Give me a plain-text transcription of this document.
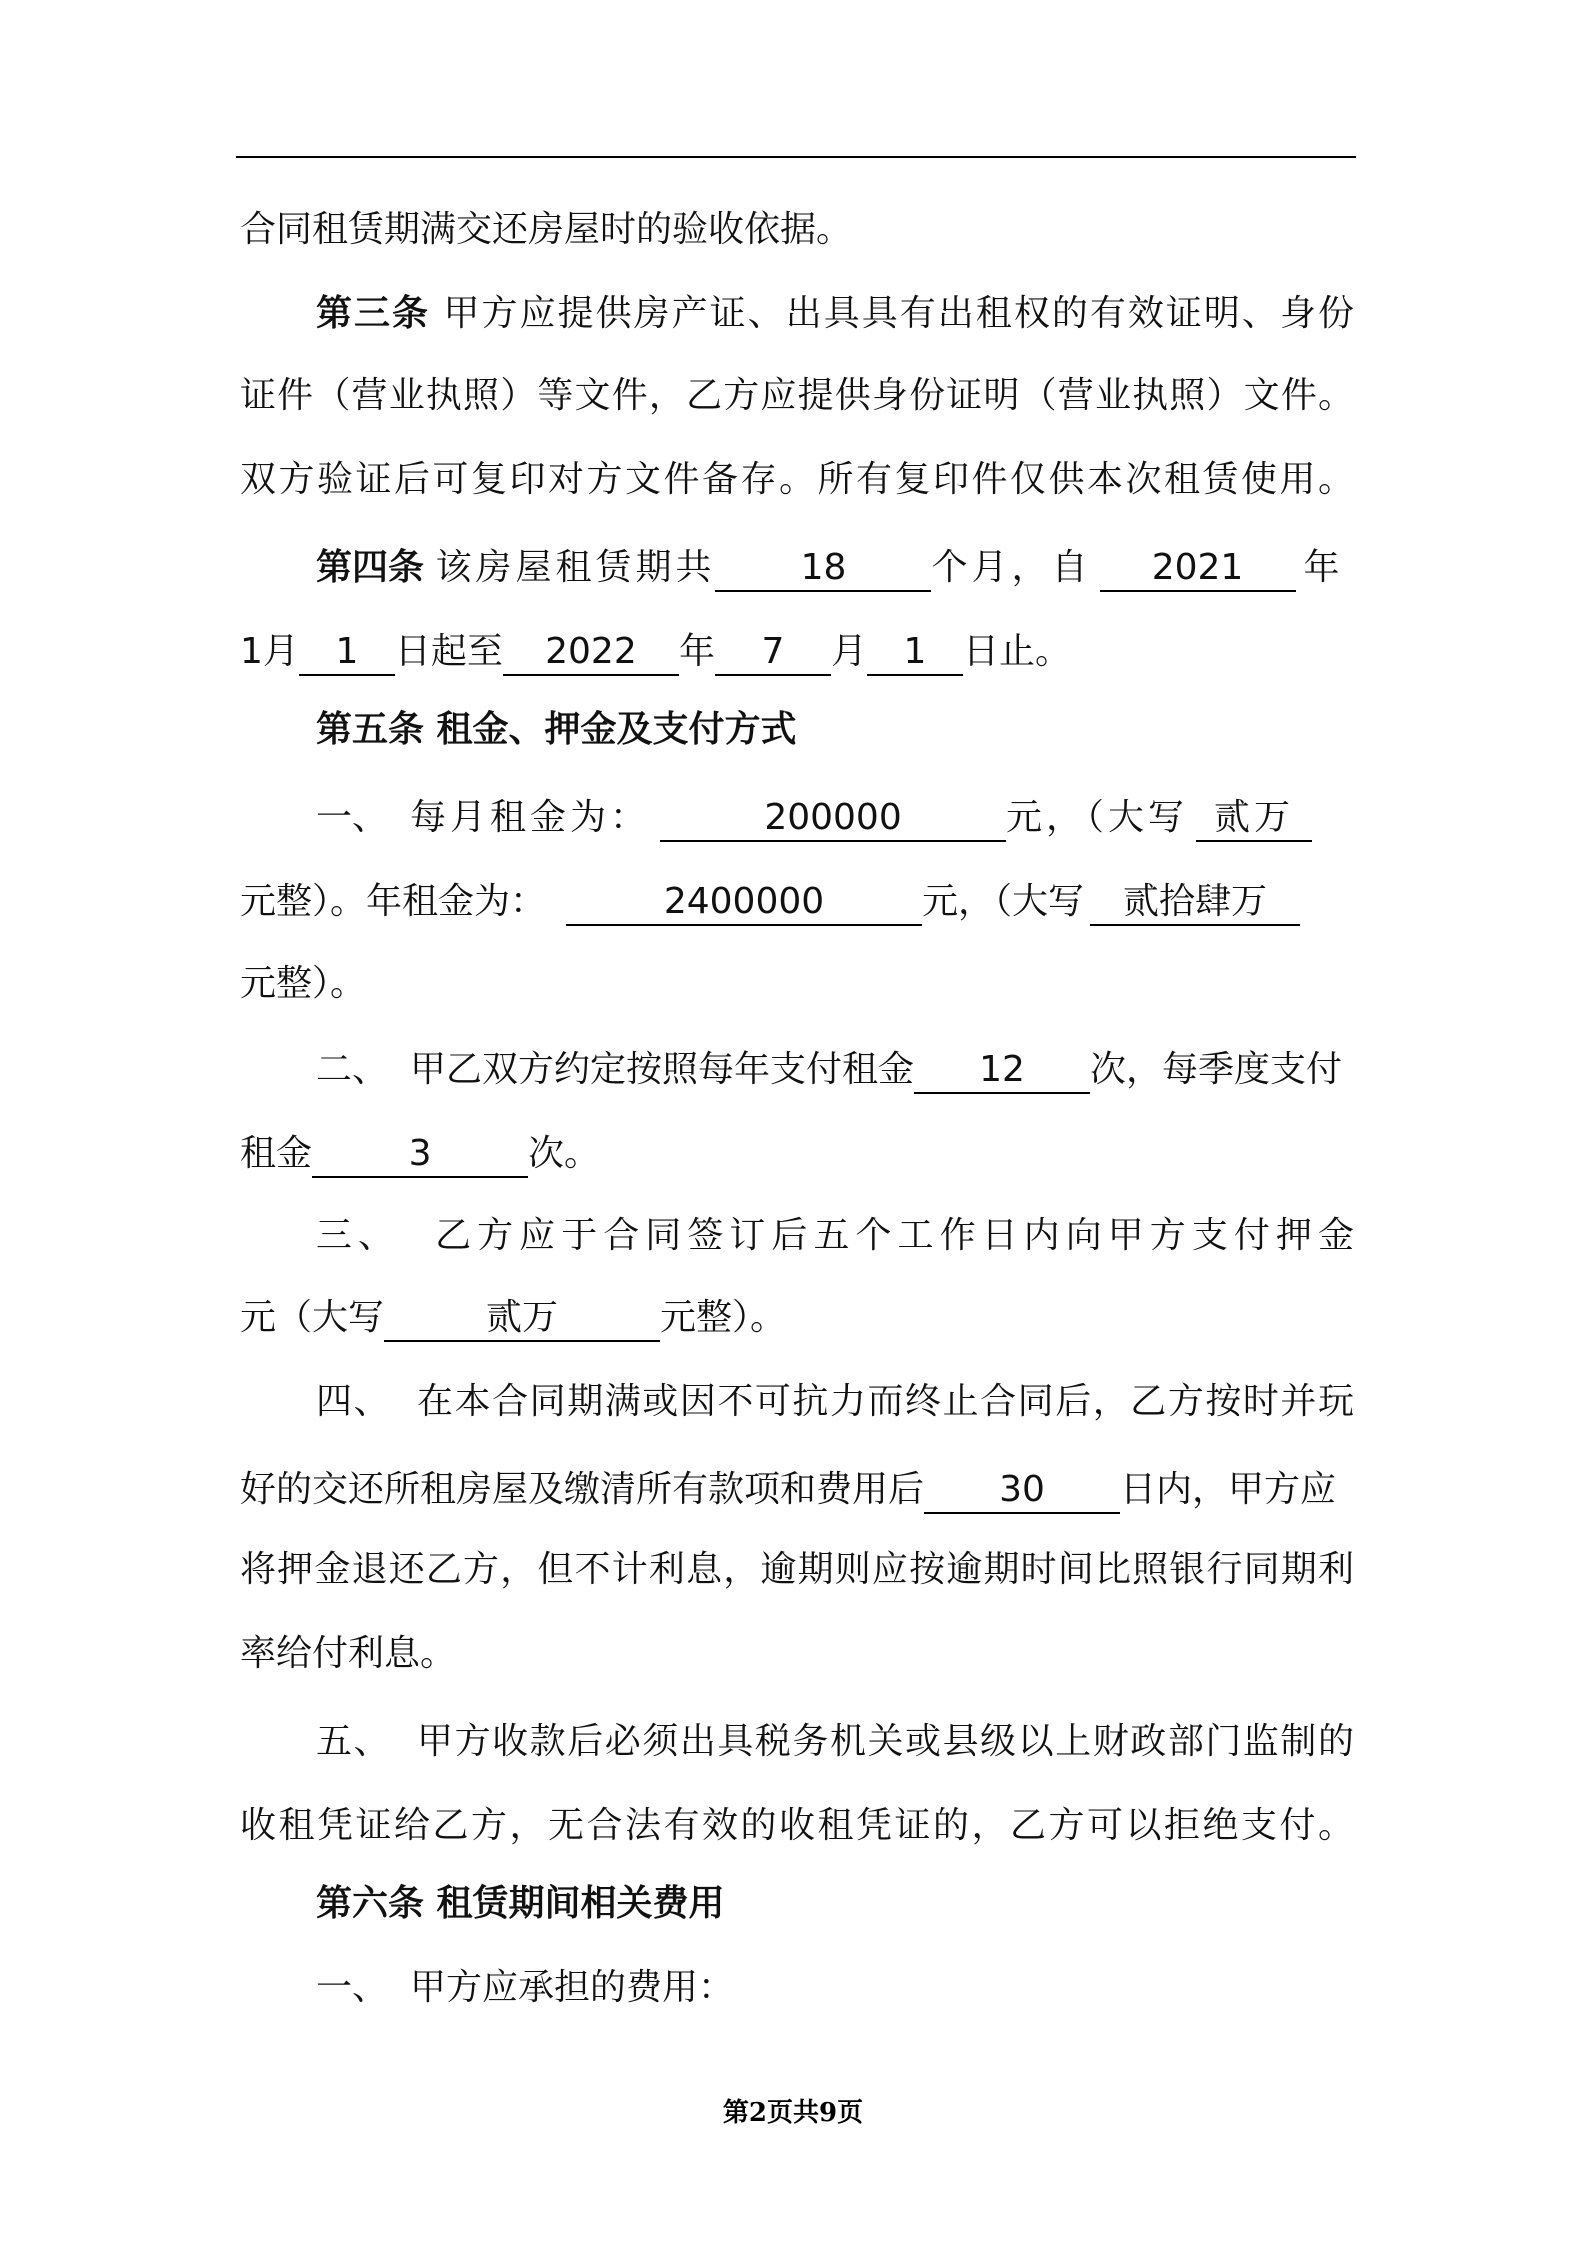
合同租赁期满交还房屋时的验收依据。
第三条 甲方应提供房产证、出具具有出租权的有效证明、身份
证件（营业执照）等文件，乙方应提供身份证明（营业执照）文件。
双方验证后可复印对方文件备存。所有复印件仅供本次租赁使用。
第四条 该房屋租赁期共 18 个月，自 2021 年
1月 1 日起至 2022 年 7 月 1 日止。
第五条 租金、押金及支付方式
一、 每月租金为：	200000	元，（大写 贰万
元整）。年租金为：	2400000	元，（大写 贰拾肆万
元整）。
二、 甲乙双方约定按照每年支付租金 12 次，每季度支付
租金	3	次。
三、 乙方应于合同签订后五个工作日内向甲方支付押金
元（大写	贰万	元整）。
四、 在本合同期满或因不可抗力而终止合同后，乙方按时并玩
好的交还所租房屋及缴清所有款项和费用后 30 日内，甲方应
将押金退还乙方，但不计利息，逾期则应按逾期时间比照银行同期利
率给付利息。
五、 甲方收款后必须出具税务机关或县级以上财政部门监制的
收租凭证给乙方，无合法有效的收租凭证的，乙方可以拒绝支付。
第六条 租赁期间相关费用
一、 甲方应承担的费用：
第2页共9页
